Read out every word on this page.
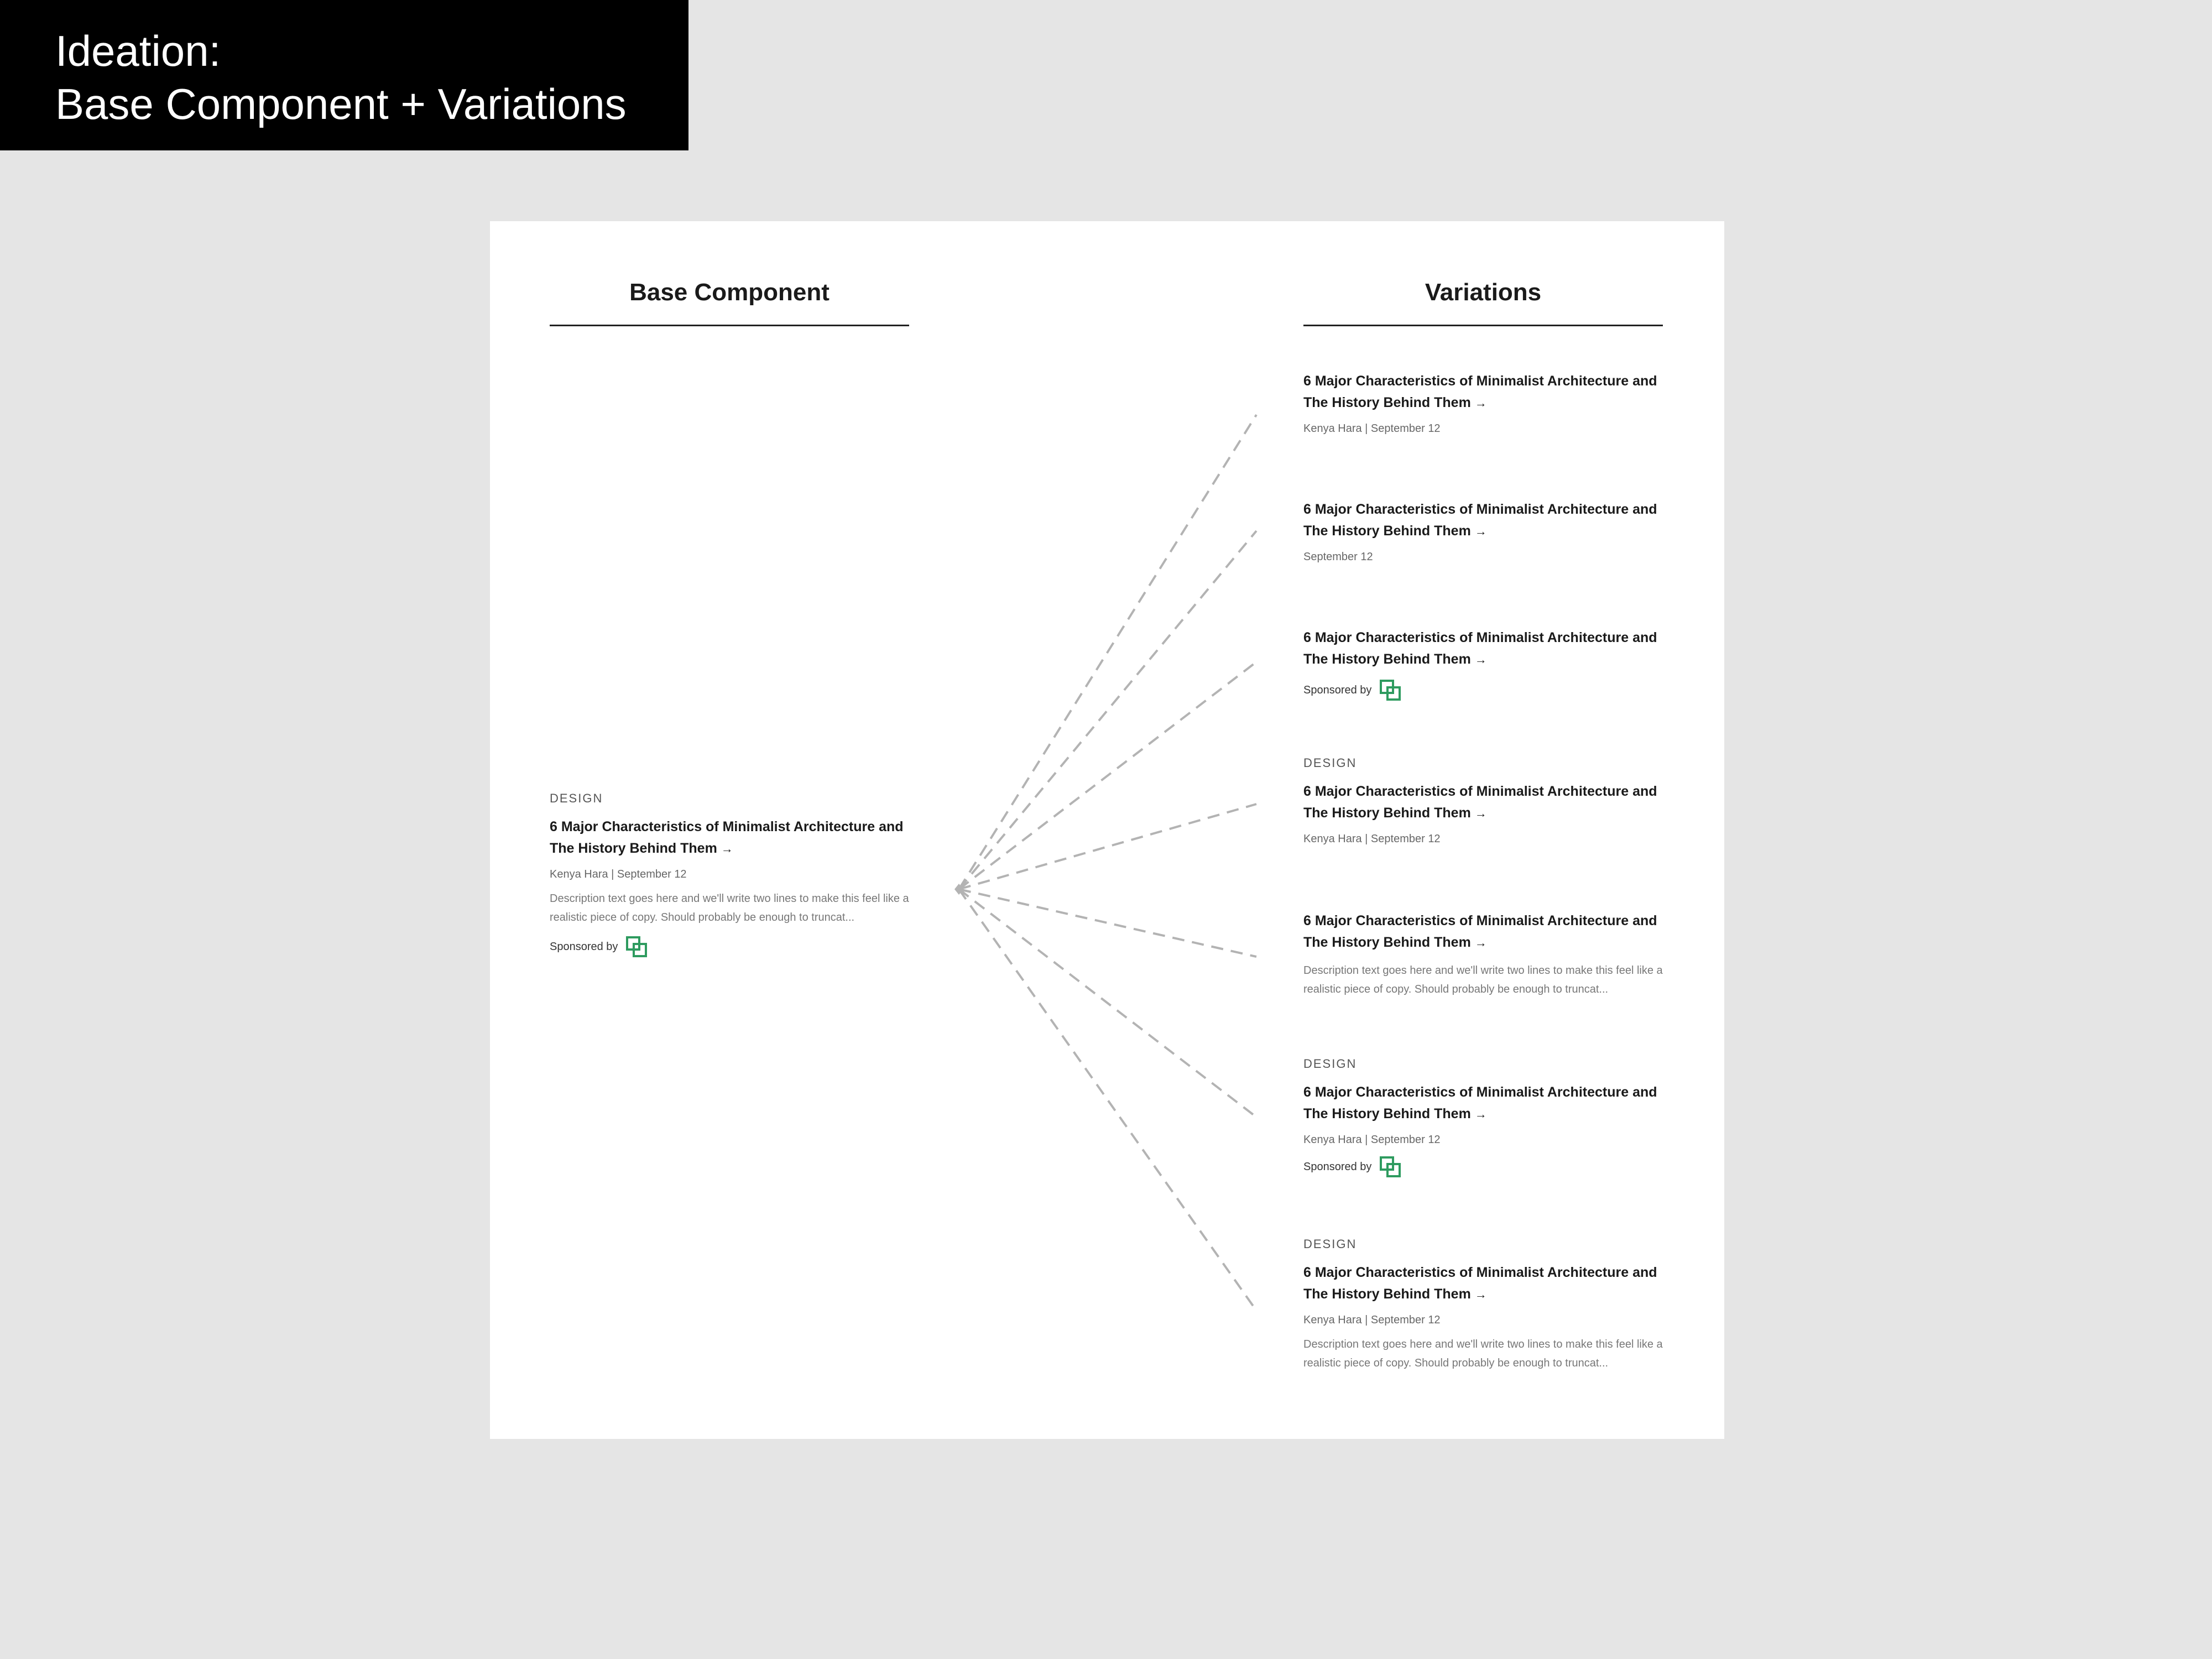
Ideation:
Base Component + Variations
Base Component	Variations
DESIGN
6 Major Characteristics of Minimalist Architecture and The History Behind Them →
Kenya Hara | September 12
Description text goes here and we'll write two lines to make this feel like a realistic piece of copy. Should probably be enough to truncat...
Sponsored by
6 Major Characteristics of Minimalist Architecture and The History Behind Them →
Kenya Hara | September 12
6 Major Characteristics of Minimalist Architecture and The History Behind Them →
September 12
6 Major Characteristics of Minimalist Architecture and The History Behind Them →
Sponsored by
DESIGN
6 Major Characteristics of Minimalist Architecture and The History Behind Them →
Kenya Hara | September 12
6 Major Characteristics of Minimalist Architecture and The History Behind Them →
Description text goes here and we'll write two lines to make this feel like a realistic piece of copy. Should probably be enough to truncat...
DESIGN
6 Major Characteristics of Minimalist Architecture and The History Behind Them →
Kenya Hara | September 12
Sponsored by
DESIGN
6 Major Characteristics of Minimalist Architecture and The History Behind Them →
Kenya Hara | September 12
Description text goes here and we'll write two lines to make this feel like a realistic piece of copy. Should probably be enough to truncat...
